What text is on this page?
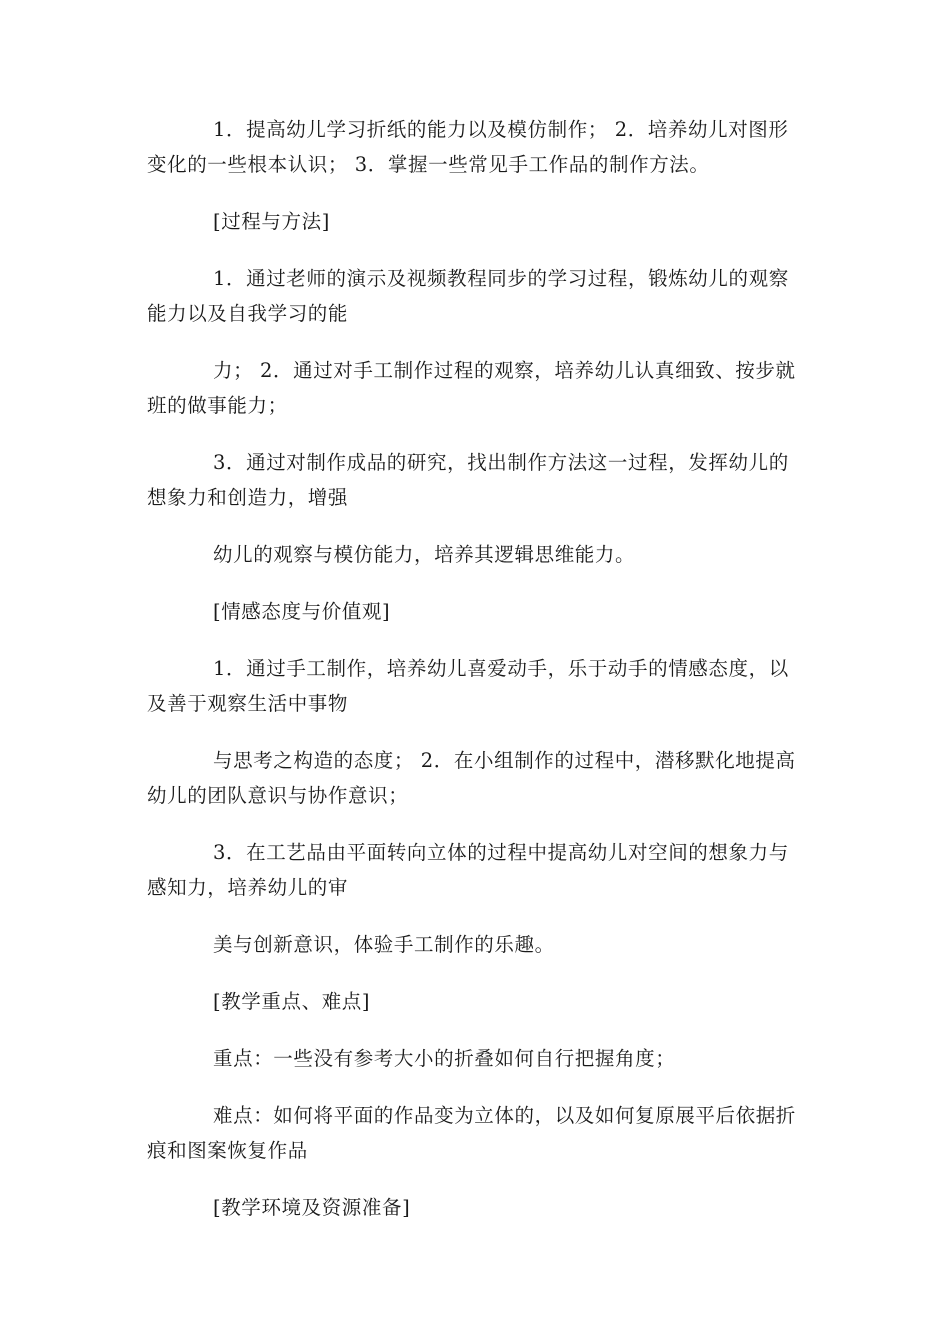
1．提高幼儿学习折纸的能力以及模仿制作； 2．培养幼儿对图形变化的一些根本认识； 3．掌握一些常见手工作品的制作方法。

[过程与方法]

1．通过老师的演示及视频教程同步的学习过程，锻炼幼儿的观察能力以及自我学习的能

力； 2．通过对手工制作过程的观察，培养幼儿认真细致、按步就班的做事能力；

3．通过对制作成品的研究，找出制作方法这一过程，发挥幼儿的想象力和创造力，增强

幼儿的观察与模仿能力，培养其逻辑思维能力。

[情感态度与价值观]

1．通过手工制作，培养幼儿喜爱动手，乐于动手的情感态度，以及善于观察生活中事物

与思考之构造的态度； 2．在小组制作的过程中，潜移默化地提高幼儿的团队意识与协作意识；

3．在工艺品由平面转向立体的过程中提高幼儿对空间的想象力与感知力，培养幼儿的审

美与创新意识，体验手工制作的乐趣。

[教学重点、难点]

重点：一些没有参考大小的折叠如何自行把握角度；

难点：如何将平面的作品变为立体的，以及如何复原展平后依据折痕和图案恢复作品

[教学环境及资源准备]
